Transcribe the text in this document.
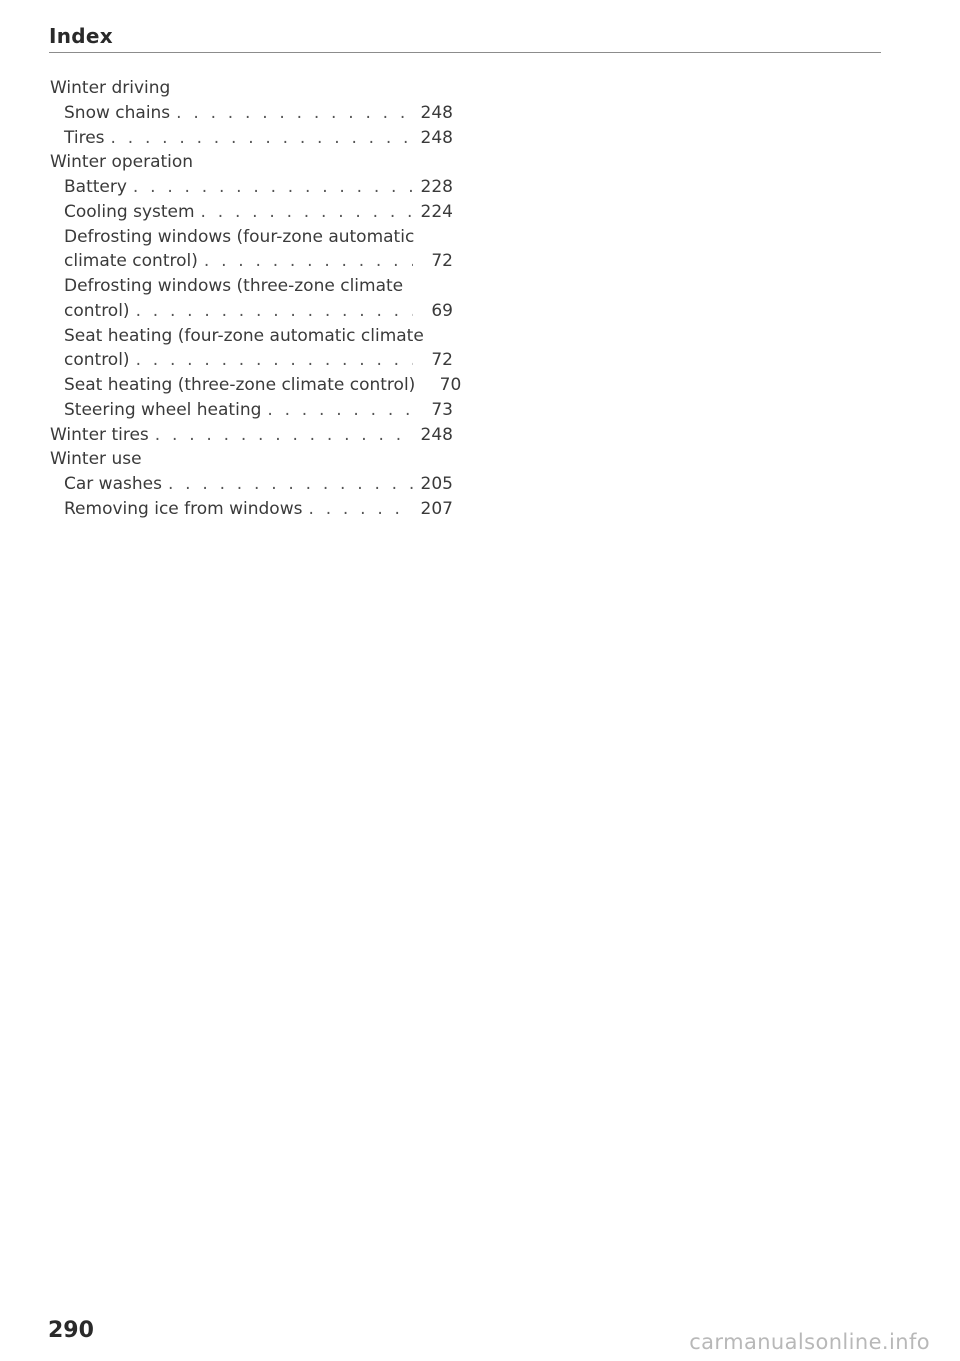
Index
Winter driving
Snow chains . . .	248
Tires . . .	248
Winter operation
Battery . . .	228
Cooling system . . .	224
Defrosting windows (four-zone automatic
climate control) . . .	72
Defrosting windows (three-zone climate
control) . . .	69
Seat heating (four-zone automatic climate
control) . . .	72
Seat heating (three-zone climate control)	70
Steering wheel heating . . .	73
Winter tires . . .	248
Winter use
Car washes . . .	205
Removing ice from windows . . .	207
290	carmanualsonline.info
